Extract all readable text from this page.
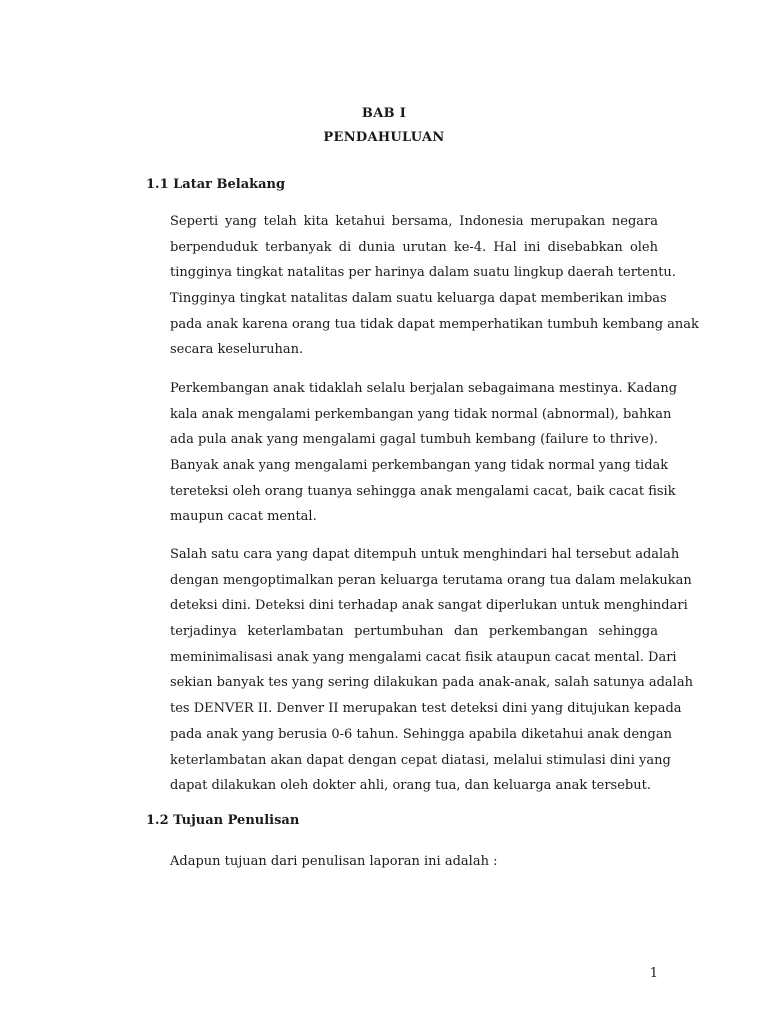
BAB I
PENDAHULUAN
1.1 Latar Belakang
Seperti yang telah kita ketahui bersama, Indonesia merupakan negara
berpenduduk terbanyak di dunia urutan ke-4. Hal ini disebabkan oleh
tingginya tingkat natalitas per harinya dalam suatu lingkup daerah tertentu.
Tingginya tingkat natalitas dalam suatu keluarga dapat memberikan imbas
pada anak karena orang tua tidak dapat memperhatikan tumbuh kembang anak
secara keseluruhan.
Perkembangan anak tidaklah selalu berjalan sebagaimana mestinya. Kadang
kala anak mengalami perkembangan yang tidak normal (abnormal), bahkan
ada pula anak yang mengalami gagal tumbuh kembang (failure to thrive).
Banyak anak yang mengalami perkembangan yang tidak normal yang tidak
tereteksi oleh orang tuanya sehingga anak mengalami cacat, baik cacat fisik
maupun cacat mental.
Salah satu cara yang dapat ditempuh untuk menghindari hal tersebut adalah
dengan mengoptimalkan peran keluarga terutama orang tua dalam melakukan
deteksi dini. Deteksi dini terhadap anak sangat diperlukan untuk menghindari
terjadinya keterlambatan pertumbuhan dan perkembangan sehingga
meminimalisasi anak yang mengalami cacat fisik ataupun cacat mental. Dari
sekian banyak tes yang sering dilakukan pada anak-anak, salah satunya adalah
tes DENVER II. Denver II merupakan test deteksi dini yang ditujukan kepada
pada anak yang berusia 0-6 tahun. Sehingga apabila diketahui anak dengan
keterlambatan akan dapat dengan cepat diatasi, melalui stimulasi dini yang
dapat dilakukan oleh dokter ahli, orang tua, dan keluarga anak tersebut.
1.2 Tujuan Penulisan
Adapun tujuan dari penulisan laporan ini adalah :
1
